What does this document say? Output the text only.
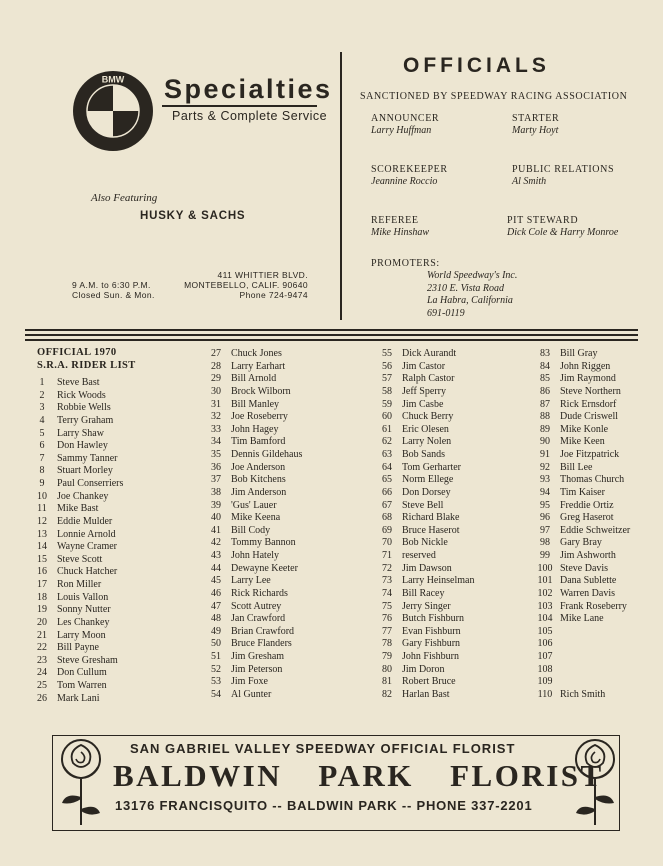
BMW Specialties
Parts & Complete Service
Also Featuring
HUSKY & SACHS
9 A.M. to 6:30 P.M.
Closed Sun. & Mon.
411 WHITTIER BLVD.
MONTEBELLO, CALIF. 90640
Phone 724-9474
OFFICIALS
SANCTIONED BY SPEEDWAY RACING ASSOCIATION
ANNOUNCER
Larry Huffman
STARTER
Marty Hoyt
SCOREKEEPER
Jeannine Roccio
PUBLIC RELATIONS
Al Smith
REFEREE
Mike Hinshaw
PIT STEWARD
Dick Cole & Harry Monroe
PROMOTERS:
World Speedway's Inc.
2310 E. Vista Road
La Habra, California
691-0119
OFFICIAL 1970
S.R.A. RIDER LIST
1 Steve Bast
2 Rick Woods
3 Robbie Wells
4 Terry Graham
5 Larry Shaw
6 Don Hawley
7 Sammy Tanner
8 Stuart Morley
9 Paul Conserriers
10 Joe Chankey
11 Mike Bast
12 Eddie Mulder
13 Lonnie Arnold
14 Wayne Cramer
15 Steve Scott
16 Chuck Hatcher
17 Ron Miller
18 Louis Vallon
19 Sonny Nutter
20 Les Chankey
21 Larry Moon
22 Bill Payne
23 Steve Gresham
24 Don Cullum
25 Tom Warren
26 Mark Lani
27 Chuck Jones
28 Larry Earhart
29 Bill Arnold
30 Brock Wilborn
31 Bill Manley
32 Joe Roseberry
33 John Hagey
34 Tim Bamford
35 Dennis Gildehaus
36 Joe Anderson
37 Bob Kitchens
38 Jim Anderson
39 'Gus' Lauer
40 Mike Keena
41 Bill Cody
42 Tommy Bannon
43 John Hately
44 Dewayne Keeter
45 Larry Lee
46 Rick Richards
47 Scott Autrey
48 Jan Crawford
49 Brian Crawford
50 Bruce Flanders
51 Jim Gresham
52 Jim Peterson
53 Jim Foxe
54 Al Gunter
55 Dick Aurandt
56 Jim Castor
57 Ralph Castor
58 Jeff Sperry
59 Jim Casbe
60 Chuck Berry
61 Eric Olesen
62 Larry Nolen
63 Bob Sands
64 Tom Gerharter
65 Norm Ellege
66 Don Dorsey
67 Steve Bell
68 Richard Blake
69 Bruce Haserot
70 Bob Nickle
71 reserved
72 Jim Dawson
73 Larry Heinselman
74 Bill Racey
75 Jerry Singer
76 Butch Fishburn
77 Evan Fishburn
78 Gary Fishburn
79 John Fishburn
80 Jim Doron
81 Robert Bruce
82 Harlan Bast
83 Bill Gray
84 John Riggen
85 Jim Raymond
86 Steve Northern
87 Rick Ernsdorf
88 Dude Criswell
89 Mike Konle
90 Mike Keen
91 Joe Fitzpatrick
92 Bill Lee
93 Thomas Church
94 Tim Kaiser
95 Freddie Ortiz
96 Greg Haserot
97 Eddie Schweitzer
98 Gary Bray
99 Jim Ashworth
100 Steve Davis
101 Dana Sublette
102 Warren Davis
103 Frank Roseberry
104 Mike Lane
105
106
107
108
109
110 Rich Smith
SAN GABRIEL VALLEY SPEEDWAY OFFICIAL FLORIST
BALDWIN PARK FLORIST
13176 FRANCISQUITO -- BALDWIN PARK -- PHONE 337-2201
